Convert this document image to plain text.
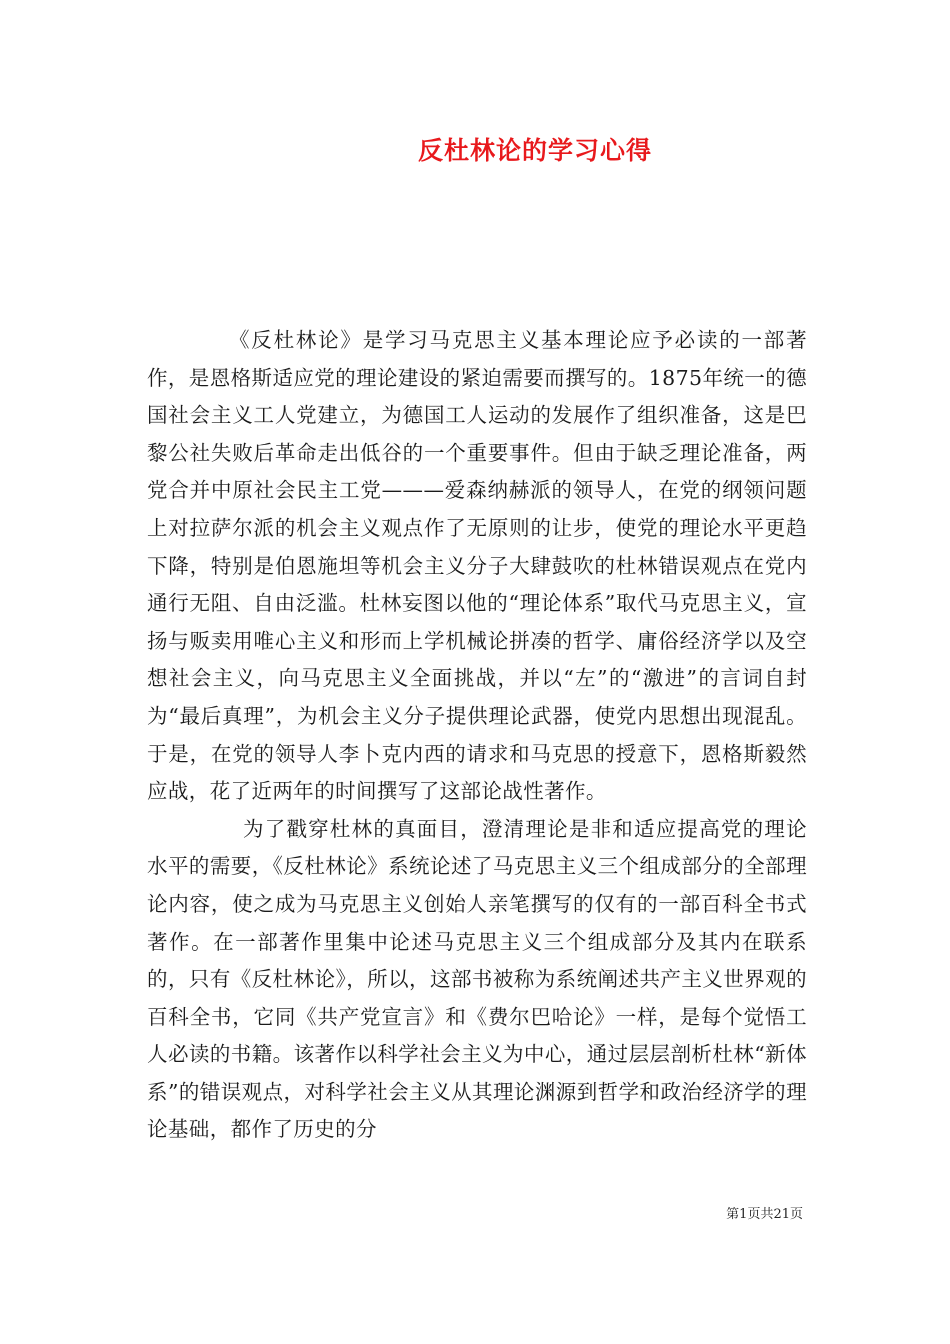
反杜林论的学习心得

《反杜林论》是学习马克思主义基本理论应予必读的一部著作，是恩格斯适应党的理论建设的紧迫需要而撰写的。1875年统一的德国社会主义工人党建立，为德国工人运动的发展作了组织准备，这是巴黎公社失败后革命走出低谷的一个重要事件。但由于缺乏理论准备，两党合并中原社会民主工党———爱森纳赫派的领导人，在党的纲领问题上对拉萨尔派的机会主义观点作了无原则的让步，使党的理论水平更趋下降，特别是伯恩施坦等机会主义分子大肆鼓吹的杜林错误观点在党内通行无阻、自由泛滥。杜林妄图以他的“理论体系”取代马克思主义，宣扬与贩卖用唯心主义和形而上学机械论拼凑的哲学、庸俗经济学以及空想社会主义，向马克思主义全面挑战，并以“左”的“激进”的言词自封为“最后真理”，为机会主义分子提供理论武器，使党内思想出现混乱。于是，在党的领导人李卜克内西的请求和马克思的授意下，恩格斯毅然应战，花了近两年的时间撰写了这部论战性著作。

为了戳穿杜林的真面目，澄清理论是非和适应提高党的理论水平的需要，《反杜林论》系统论述了马克思主义三个组成部分的全部理论内容，使之成为马克思主义创始人亲笔撰写的仅有的一部百科全书式著作。在一部著作里集中论述马克思主义三个组成部分及其内在联系的，只有《反杜林论》，所以，这部书被称为系统阐述共产主义世界观的百科全书，它同《共产党宣言》和《费尔巴哈论》一样，是每个觉悟工人必读的书籍。该著作以科学社会主义为中心，通过层层剖析杜林“新体系”的错误观点，对科学社会主义从其理论渊源到哲学和政治经济学的理论基础，都作了历史的分

第1页共21页
